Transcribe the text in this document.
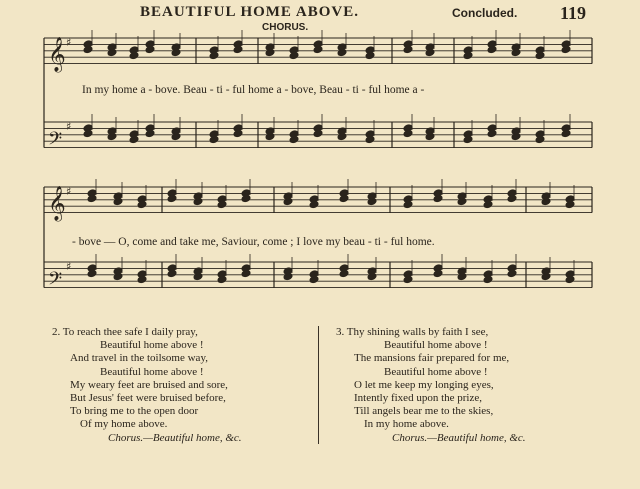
BEAUTIFUL HOME ABOVE.	Concluded. 119
CHORUS.
𝄞 ♯
𝄢
♯
𝄞 ♯
𝄢
♯
In my home a - bove. Beau - ti - ful home a - bove, Beau - ti - ful home a -
- bove — O, come and take me, Saviour, come ; I love my beau - ti - ful home.
2. To reach thee safe I daily pray,
Beautiful home above !
And travel in the toilsome way,
Beautiful home above !
My weary feet are bruised and sore,
But Jesus' feet were bruised before,
To bring me to the open door
Of my home above.
Chorus.—Beautiful home, &c.
3. Thy shining walls by faith I see,
Beautiful home above !
The mansions fair prepared for me,
Beautiful home above !
O let me keep my longing eyes,
Intently fixed upon the prize,
Till angels bear me to the skies,
In my home above.
Chorus.—Beautiful home, &c.
